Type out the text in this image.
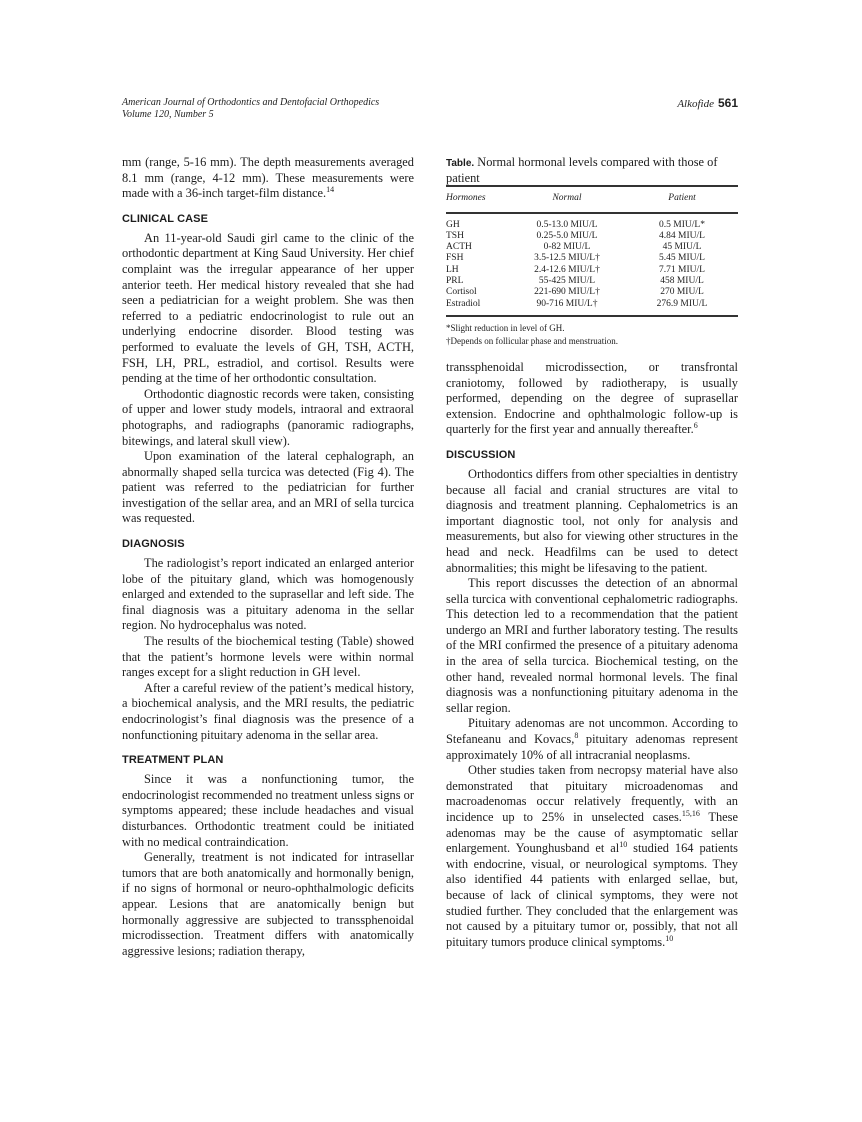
American Journal of Orthodontics and Dentofacial Orthopedics
Volume 120, Number 5
Alkofide 561

mm (range, 5-16 mm). The depth measurements averaged 8.1 mm (range, 4-12 mm). These measurements were made with a 36-inch target-film distance.$^{14}$

CLINICAL CASE

An 11-year-old Saudi girl came to the clinic of the orthodontic department at King Saud University. Her chief complaint was the irregular appearance of her upper anterior teeth. Her medical history revealed that she had seen a pediatrician for a weight problem. She was then referred to a pediatric endocrinologist to rule out an underlying endocrine disorder. Blood testing was performed to evaluate the levels of GH, TSH, ACTH, FSH, LH, PRL, estradiol, and cortisol. Results were pending at the time of her orthodontic consultation.

Orthodontic diagnostic records were taken, consisting of upper and lower study models, intraoral and extraoral photographs, and radiographs (panoramic radiographs, bitewings, and lateral skull view).

Upon examination of the lateral cephalograph, an abnormally shaped sella turcica was detected (Fig 4). The patient was referred to the pediatrician for further investigation of the sellar area, and an MRI of sella turcica was requested.

DIAGNOSIS

The radiologist’s report indicated an enlarged anterior lobe of the pituitary gland, which was homogenously enlarged and extended to the suprasellar and left side. The final diagnosis was a pituitary adenoma in the sellar region. No hydrocephalus was noted.

The results of the biochemical testing (Table) showed that the patient’s hormone levels were within normal ranges except for a slight reduction in GH level.

After a careful review of the patient’s medical history, a biochemical analysis, and the MRI results, the pediatric endocrinologist’s final diagnosis was the presence of a nonfunctioning pituitary adenoma in the sellar area.

TREATMENT PLAN

Since it was a nonfunctioning tumor, the endocrinologist recommended no treatment unless signs or symptoms appeared; these include headaches and visual disturbances. Orthodontic treatment could be initiated with no medical contraindication.

Generally, treatment is not indicated for intrasellar tumors that are both anatomically and hormonally benign, if no signs of hormonal or neuro-ophthalmologic deficits appear. Lesions that are anatomically benign but hormonally aggressive are subjected to transsphenoidal microdissection. Treatment differs with anatomically aggressive lesions; radiation therapy,

Table. Normal hormonal levels compared with those of patient

Hormones	Normal	Patient

GH	0.5-13.0 MIU/L	0.5 MIU/L*
TSH	0.25-5.0 MIU/L	4.84 MIU/L
ACTH	0-82 MIU/L	45 MIU/L
FSH	3.5-12.5 MIU/L†	5.45 MIU/L
LH	2.4-12.6 MIU/L†	7.71 MIU/L
PRL	55-425 MIU/L	458 MIU/L
Cortisol	221-690 MIU/L†	270 MIU/L
Estradiol	90-716 MIU/L†	276.9 MIU/L
*Slight reduction in level of GH.
†Depends on follicular phase and menstruation.

transsphenoidal microdissection, or transfrontal craniotomy, followed by radiotherapy, is usually performed, depending on the degree of suprasellar extension. Endocrine and ophthalmologic follow-up is quarterly for the first year and annually thereafter.$^6$

DISCUSSION

Orthodontics differs from other specialties in dentistry because all facial and cranial structures are vital to diagnosis and treatment planning. Cephalometrics is an important diagnostic tool, not only for analysis and measurements, but also for viewing other structures in the head and neck. Headfilms can be used to detect abnormalities; this might be lifesaving to the patient.

This report discusses the detection of an abnormal sella turcica with conventional cephalometric radiographs. This detection led to a recommendation that the patient undergo an MRI and further laboratory testing. The results of the MRI confirmed the presence of a pituitary adenoma in the area of sella turcica. Biochemical testing, on the other hand, revealed normal hormonal levels. The final diagnosis was a nonfunctioning pituitary adenoma in the sellar region.

Pituitary adenomas are not uncommon. According to Stefaneanu and Kovacs,$^8$ pituitary adenomas represent approximately 10% of all intracranial neoplasms.

Other studies taken from necropsy material have also demonstrated that pituitary microadenomas and macroadenomas occur relatively frequently, with an incidence up to 25% in unselected cases.$^{15,16}$ These adenomas may be the cause of asymptomatic sellar enlargement. Younghusband et $al^{10}$ studied 164 patients with endocrine, visual, or neurological symptoms. They also identified 44 patients with enlarged sellae, but, because of lack of clinical symptoms, they were not studied further. They concluded that the enlargement was not caused by a pituitary tumor or, possibly, that not all pituitary tumors produce clinical symptoms.$^{10}$
